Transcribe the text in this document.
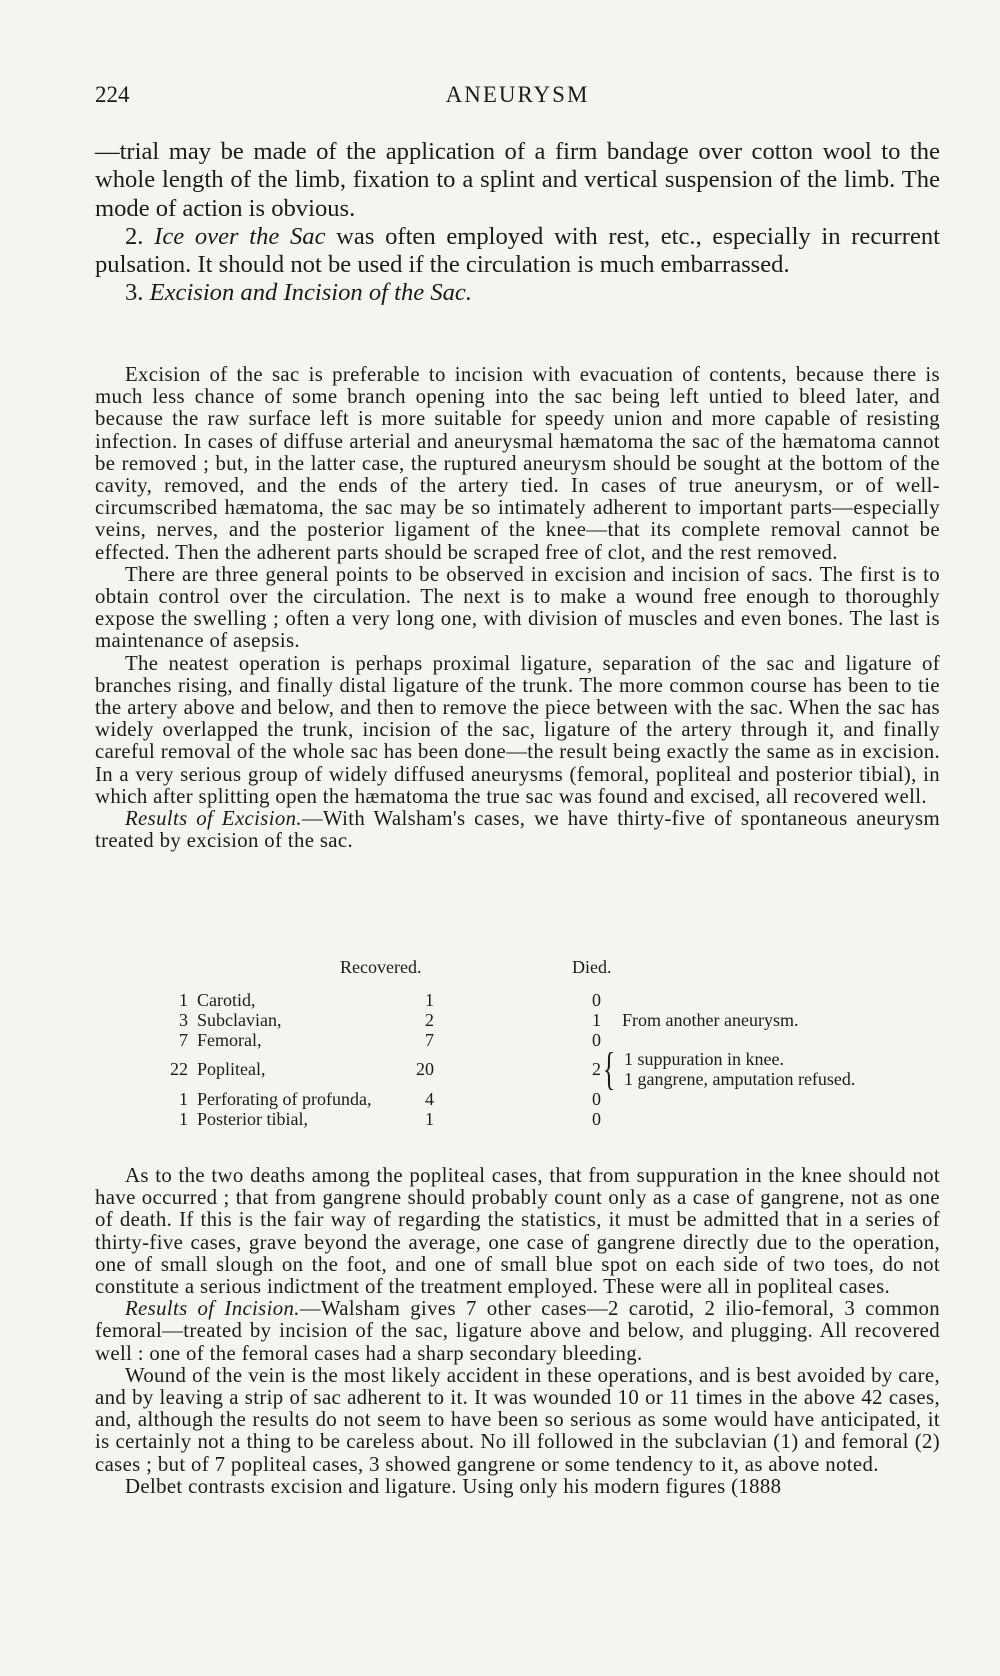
224	ANEURYSM

—trial may be made of the application of a firm bandage over cotton wool to the whole length of the limb, fixation to a splint and vertical suspension of the limb. The mode of action is obvious.

2. Ice over the Sac was often employed with rest, etc., especially in recurrent pulsation. It should not be used if the circulation is much embarrassed.

3. Excision and Incision of the Sac.

Excision of the sac is preferable to incision with evacuation of contents, because there is much less chance of some branch opening into the sac being left untied to bleed later, and because the raw surface left is more suitable for speedy union and more capable of resisting infection. In cases of diffuse arterial and aneurysmal hæmatoma the sac of the hæmatoma cannot be removed ; but, in the latter case, the ruptured aneurysm should be sought at the bottom of the cavity, removed, and the ends of the artery tied. In cases of true aneurysm, or of well-circumscribed hæmatoma, the sac may be so intimately adherent to important parts—especially veins, nerves, and the posterior ligament of the knee—that its complete removal cannot be effected. Then the adherent parts should be scraped free of clot, and the rest removed.

There are three general points to be observed in excision and incision of sacs. The first is to obtain control over the circulation. The next is to make a wound free enough to thoroughly expose the swelling ; often a very long one, with division of muscles and even bones. The last is maintenance of asepsis.

The neatest operation is perhaps proximal ligature, separation of the sac and ligature of branches rising, and finally distal ligature of the trunk. The more common course has been to tie the artery above and below, and then to remove the piece between with the sac. When the sac has widely overlapped the trunk, incision of the sac, ligature of the artery through it, and finally careful removal of the whole sac has been done—the result being exactly the same as in excision. In a very serious group of widely diffused aneurysms (femoral, popliteal and posterior tibial), in which after splitting open the hæmatoma the true sac was found and excised, all recovered well.

Results of Excision.—With Walsham's cases, we have thirty-five of spontaneous aneurysm treated by excision of the sac.

Recovered.	Died.
1 Carotid,	1	0
3 Subclavian,	2	1 From another aneurysm.
7 Femoral,	7	0
22 Popliteal,	20	2 1 suppuration in knee.
1 gangrene, amputation refused.
1 Perforating of profunda,	4	0
1 Posterior tibial,	1	0
{

As to the two deaths among the popliteal cases, that from suppuration in the knee should not have occurred ; that from gangrene should probably count only as a case of gangrene, not as one of death. If this is the fair way of regarding the statistics, it must be admitted that in a series of thirty-five cases, grave beyond the average, one case of gangrene directly due to the operation, one of small slough on the foot, and one of small blue spot on each side of two toes, do not constitute a serious indictment of the treatment employed. These were all in popliteal cases.

Results of Incision.—Walsham gives 7 other cases—2 carotid, 2 ilio-femoral, 3 common femoral—treated by incision of the sac, ligature above and below, and plugging. All recovered well : one of the femoral cases had a sharp secondary bleeding.

Wound of the vein is the most likely accident in these operations, and is best avoided by care, and by leaving a strip of sac adherent to it. It was wounded 10 or 11 times in the above 42 cases, and, although the results do not seem to have been so serious as some would have anticipated, it is certainly not a thing to be careless about. No ill followed in the subclavian (1) and femoral (2) cases ; but of 7 popliteal cases, 3 showed gangrene or some tendency to it, as above noted.

Delbet contrasts excision and ligature. Using only his modern figures (1888
